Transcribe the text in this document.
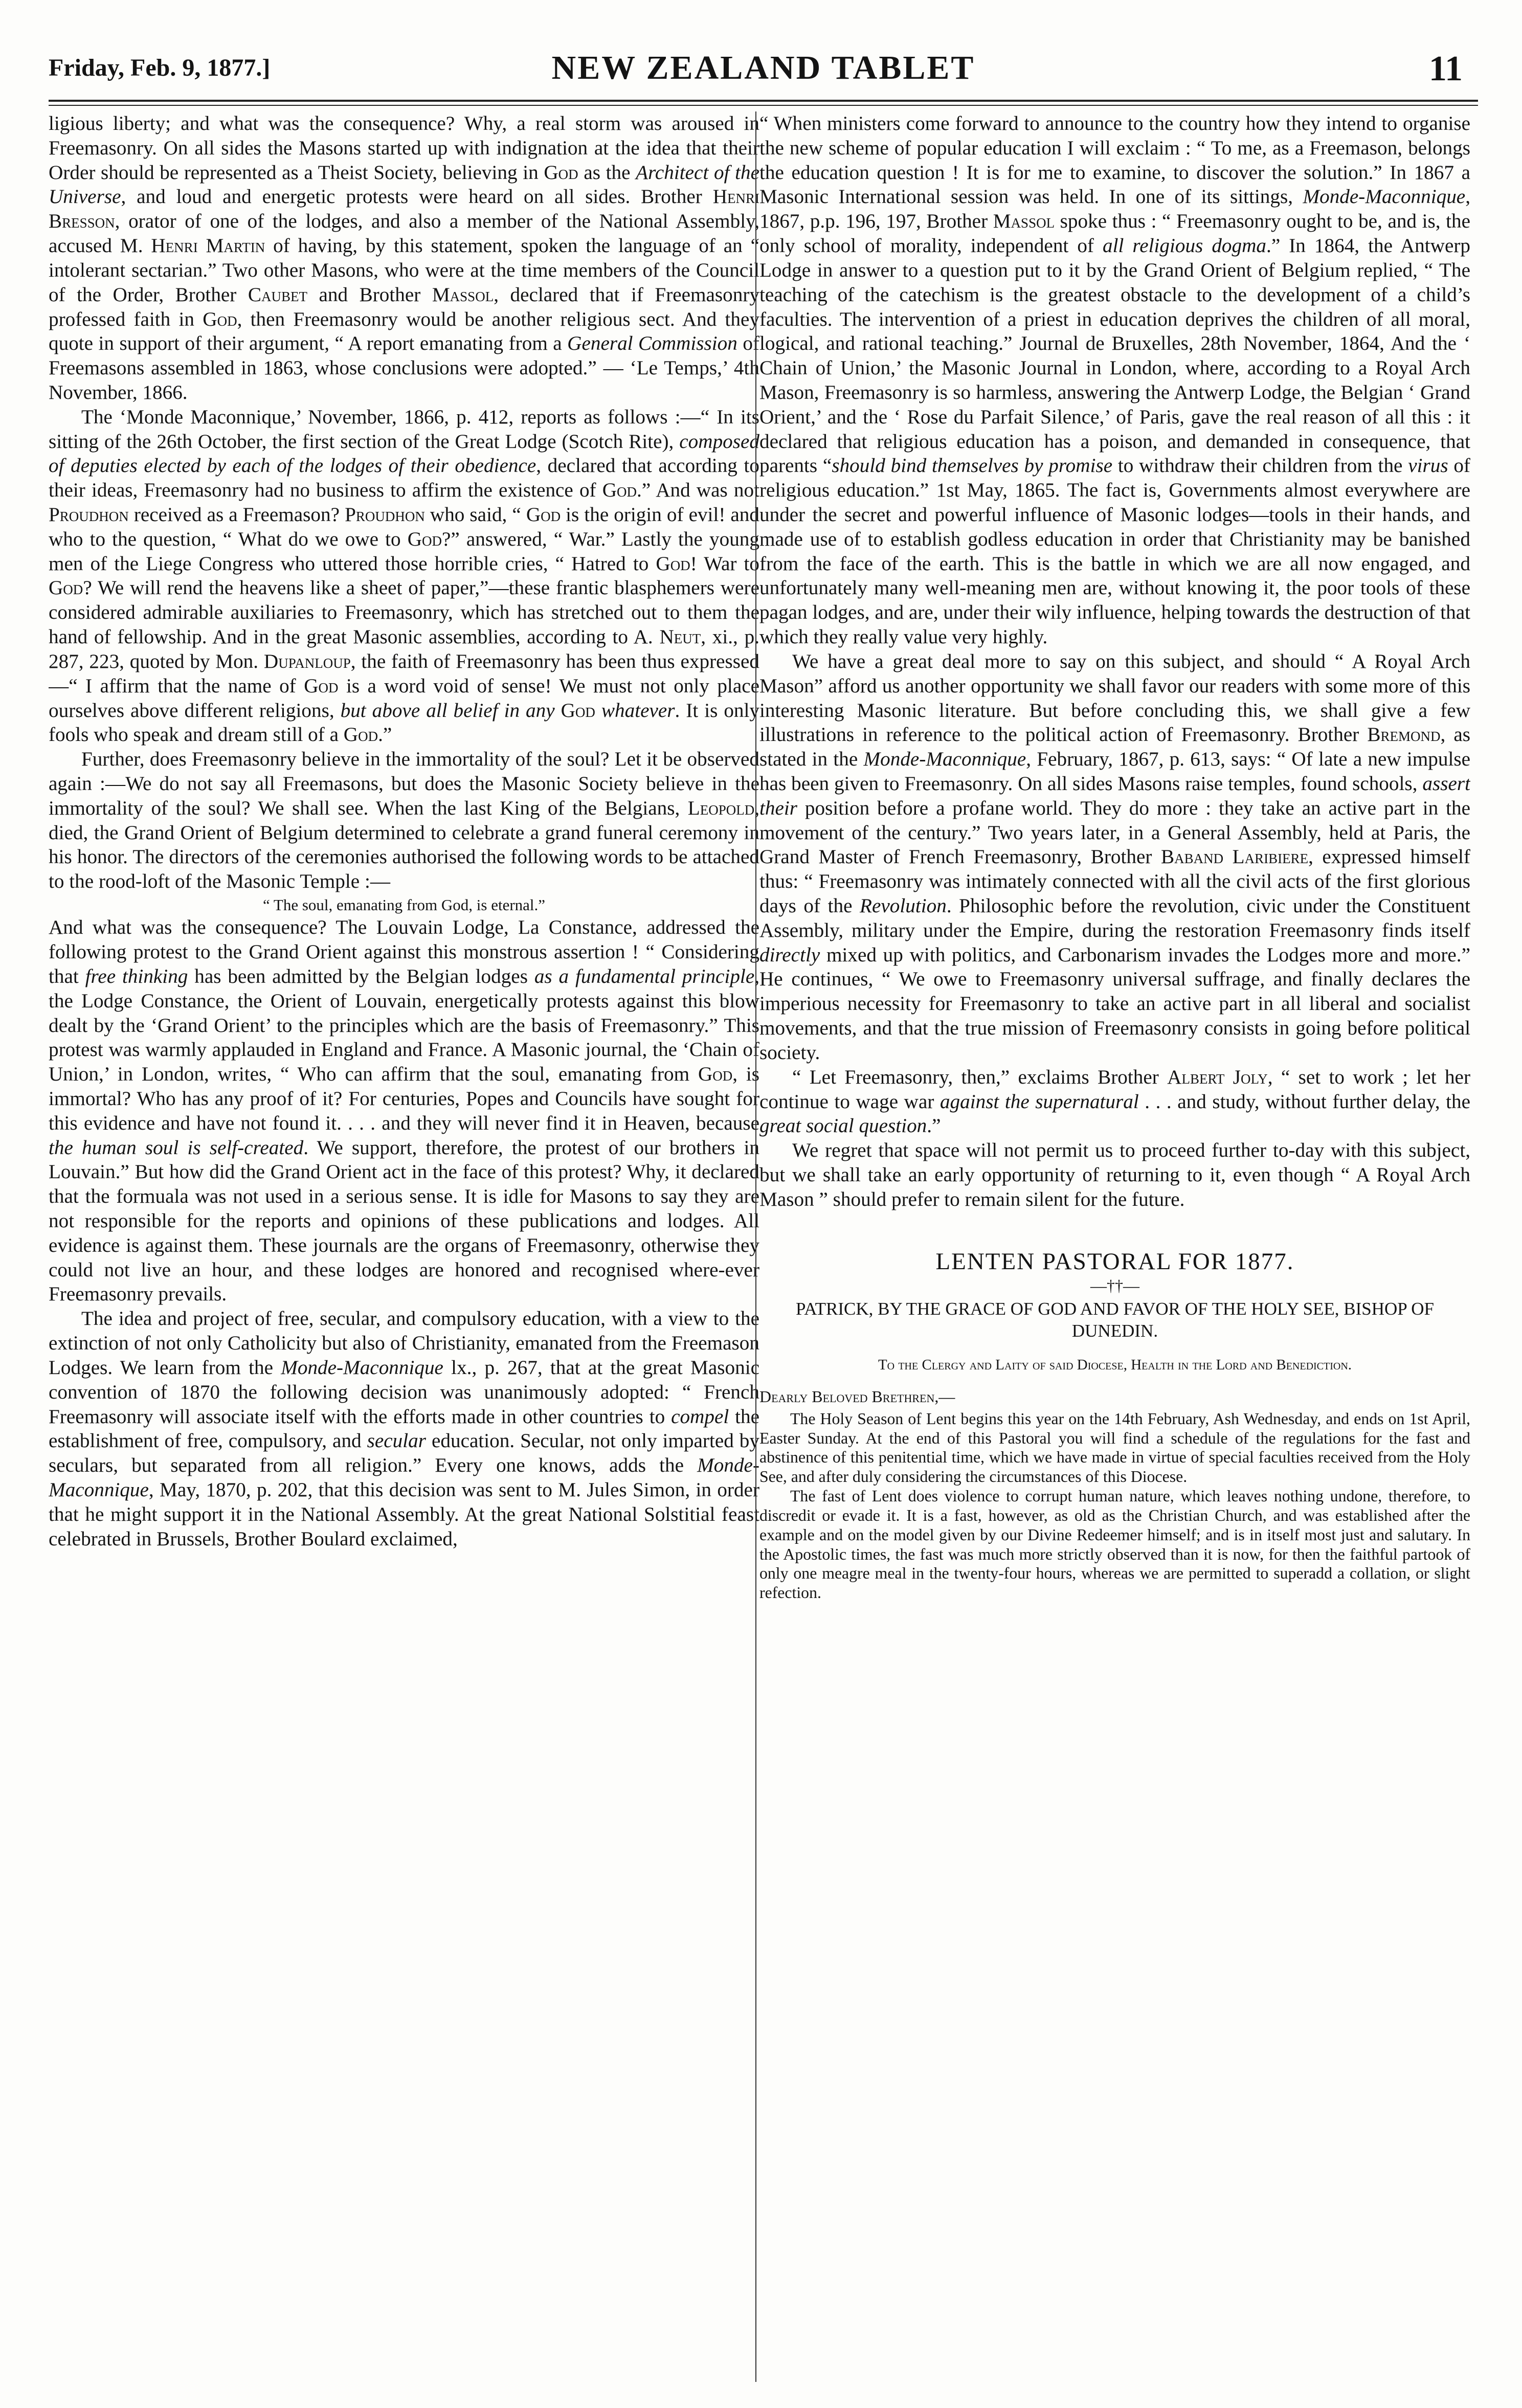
Friday, Feb. 9, 1877.]	NEW ZEALAND TABLET	11

ligious liberty; and what was the consequence? Why, a real storm was aroused in Freemasonry. On all sides the Masons started up with indignation at the idea that their Order should be represented as a Theist Society, believing in God as the Architect of the Universe, and loud and energetic protests were heard on all sides. Brother Henri Bresson, orator of one of the lodges, and also a member of the National Assembly, accused M. Henri Martin of having, by this statement, spoken the language of an “ intolerant sectarian.” Two other Masons, who were at the time members of the Council of the Order, Brother Caubet and Brother Massol, declared that if Freemasonry professed faith in God, then Freemasonry would be another religious sect. And they quote in support of their argument, “ A report emanating from a General Commission of Freemasons assembled in 1863, whose conclusions were adopted.” — ‘Le Temps,’ 4th November, 1866.

The ‘Monde Maconnique,’ November, 1866, p. 412, reports as follows :—“ In its sitting of the 26th October, the first section of the Great Lodge (Scotch Rite), composed of deputies elected by each of the lodges of their obedience, declared that according to their ideas, Freemasonry had no business to affirm the existence of God.” And was not Proudhon received as a Freemason? Proudhon who said, “ God is the origin of evil! and who to the question, “ What do we owe to God?” answered, “ War.” Lastly the young men of the Liege Congress who uttered those horrible cries, “ Hatred to God! War to God? We will rend the heavens like a sheet of paper,”—these frantic blasphemers were considered admirable auxiliaries to Freemasonry, which has stretched out to them the hand of fellowship. And in the great Masonic assemblies, according to A. Neut, xi., p. 287, 223, quoted by Mon. Dupanloup, the faith of Freemasonry has been thus expressed—“ I affirm that the name of God is a word void of sense! We must not only place ourselves above different religions, but above all belief in any God whatever. It is only fools who speak and dream still of a God.”

Further, does Freemasonry believe in the immortality of the soul? Let it be observed again :—We do not say all Freemasons, but does the Masonic Society believe in the immortality of the soul? We shall see. When the last King of the Belgians, Leopold, died, the Grand Orient of Belgium determined to celebrate a grand funeral ceremony in his honor. The directors of the ceremonies authorised the following words to be attached to the rood-loft of the Masonic Temple :—

“ The soul, emanating from God, is eternal.”

And what was the consequence? The Louvain Lodge, La Constance, addressed the following protest to the Grand Orient against this monstrous assertion ! “ Considering that free thinking has been admitted by the Belgian lodges as a fundamental principle, the Lodge Constance, the Orient of Louvain, energetically protests against this blow dealt by the ‘Grand Orient’ to the principles which are the basis of Freemasonry.” This protest was warmly applauded in England and France. A Masonic journal, the ‘Chain of Union,’ in London, writes, “ Who can affirm that the soul, emanating from God, is immortal? Who has any proof of it? For centuries, Popes and Councils have sought for this evidence and have not found it. . . . and they will never find it in Heaven, because the human soul is self-created. We support, therefore, the protest of our brothers in Louvain.” But how did the Grand Orient act in the face of this protest? Why, it declared that the formuala was not used in a serious sense. It is idle for Masons to say they are not responsible for the reports and opinions of these publications and lodges. All evidence is against them. These journals are the organs of Freemasonry, otherwise they could not live an hour, and these lodges are honored and recognised where-ever Freemasonry prevails.

The idea and project of free, secular, and compulsory education, with a view to the extinction of not only Catholicity but also of Christianity, emanated from the Freemason Lodges. We learn from the Monde-Maconnique lx., p. 267, that at the great Masonic convention of 1870 the following decision was unanimously adopted: “ French Freemasonry will associate itself with the efforts made in other countries to compel the establishment of free, compulsory, and secular education. Secular, not only imparted by seculars, but separated from all religion.” Every one knows, adds the Monde-Maconnique, May, 1870, p. 202, that this decision was sent to M. Jules Simon, in order that he might support it in the National Assembly. At the great National Solstitial feast celebrated in Brussels, Brother Boulard exclaimed,

“ When ministers come forward to announce to the country how they intend to organise the new scheme of popular education I will exclaim : “ To me, as a Freemason, belongs the education question ! It is for me to examine, to discover the solution.” In 1867 a Masonic International session was held. In one of its sittings, Monde-Maconnique, 1867, p.p. 196, 197, Brother Massol spoke thus : “ Freemasonry ought to be, and is, the only school of morality, independent of all religious dogma.” In 1864, the Antwerp Lodge in answer to a question put to it by the Grand Orient of Belgium replied, “ The teaching of the catechism is the greatest obstacle to the development of a child’s faculties. The intervention of a priest in education deprives the children of all moral, logical, and rational teaching.” Journal de Bruxelles, 28th November, 1864, And the ‘ Chain of Union,’ the Masonic Journal in London, where, according to a Royal Arch Mason, Freemasonry is so harmless, answering the Antwerp Lodge, the Belgian ‘ Grand Orient,’ and the ‘ Rose du Parfait Silence,’ of Paris, gave the real reason of all this : it declared that religious education has a poison, and demanded in consequence, that parents “should bind themselves by promise to withdraw their children from the virus of religious education.” 1st May, 1865. The fact is, Governments almost everywhere are under the secret and powerful influence of Masonic lodges—tools in their hands, and made use of to establish godless education in order that Christianity may be banished from the face of the earth. This is the battle in which we are all now engaged, and unfortunately many well-meaning men are, without knowing it, the poor tools of these pagan lodges, and are, under their wily influence, helping towards the destruction of that which they really value very highly.

We have a great deal more to say on this subject, and should “ A Royal Arch Mason” afford us another opportunity we shall favor our readers with some more of this interesting Masonic literature. But before concluding this, we shall give a few illustrations in reference to the political action of Freemasonry. Brother Bremond, as stated in the Monde-Maconnique, February, 1867, p. 613, says: “ Of late a new impulse has been given to Freemasonry. On all sides Masons raise temples, found schools, assert their position before a profane world. They do more : they take an active part in the movement of the century.” Two years later, in a General Assembly, held at Paris, the Grand Master of French Freemasonry, Brother Baband Laribiere, expressed himself thus: “ Freemasonry was intimately connected with all the civil acts of the first glorious days of the Revolution. Philosophic before the revolution, civic under the Constituent Assembly, military under the Empire, during the restoration Freemasonry finds itself directly mixed up with politics, and Carbonarism invades the Lodges more and more.” He continues, “ We owe to Freemasonry universal suffrage, and finally declares the imperious necessity for Freemasonry to take an active part in all liberal and socialist movements, and that the true mission of Freemasonry consists in going before political society.

“ Let Freemasonry, then,” exclaims Brother Albert Joly, “ set to work ; let her continue to wage war against the supernatural . . . and study, without further delay, the great social question.”

We regret that space will not permit us to proceed further to-day with this subject, but we shall take an early opportunity of returning to it, even though “ A Royal Arch Mason ” should prefer to remain silent for the future.

LENTEN PASTORAL FOR 1877.
—††—
PATRICK, BY THE GRACE OF GOD AND FAVOR OF THE HOLY SEE, BISHOP OF DUNEDIN.
To the Clergy and Laity of said Diocese, Health in the Lord and Benediction.
Dearly Beloved Brethren,—

The Holy Season of Lent begins this year on the 14th February, Ash Wednesday, and ends on 1st April, Easter Sunday. At the end of this Pastoral you will find a schedule of the regulations for the fast and abstinence of this penitential time, which we have made in virtue of special faculties received from the Holy See, and after duly considering the circumstances of this Diocese.

The fast of Lent does violence to corrupt human nature, which leaves nothing undone, therefore, to discredit or evade it. It is a fast, however, as old as the Christian Church, and was established after the example and on the model given by our Divine Redeemer himself; and is in itself most just and salutary. In the Apostolic times, the fast was much more strictly observed than it is now, for then the faithful partook of only one meagre meal in the twenty-four hours, whereas we are permitted to superadd a collation, or slight refection.
